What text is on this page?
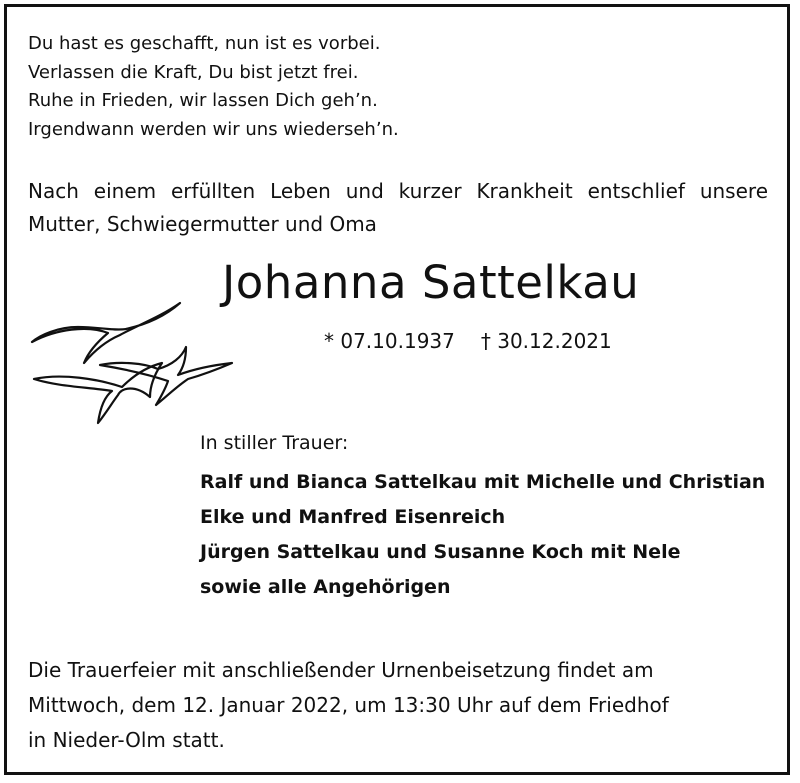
Du hast es geschafft, nun ist es vorbei.
Verlassen die Kraft, Du bist jetzt frei.
Ruhe in Frieden, wir lassen Dich gehʼn.
Irgendwann werden wir uns wiedersehʼn.
Nach einem erfüllten Leben und kurzer Krankheit entschlief unsere
Mutter, Schwiegermutter und Oma
Johanna Sattelkau
* 07.10.1937 † 30.12.2021
In stiller Trauer:
Ralf und Bianca Sattelkau mit Michelle und Christian
Elke und Manfred Eisenreich
Jürgen Sattelkau und Susanne Koch mit Nele
sowie alle Angehörigen
Die Trauerfeier mit anschließender Urnenbeisetzung findet am
Mittwoch, dem 12. Januar 2022, um 13:30 Uhr auf dem Friedhof
in Nieder-Olm statt.
